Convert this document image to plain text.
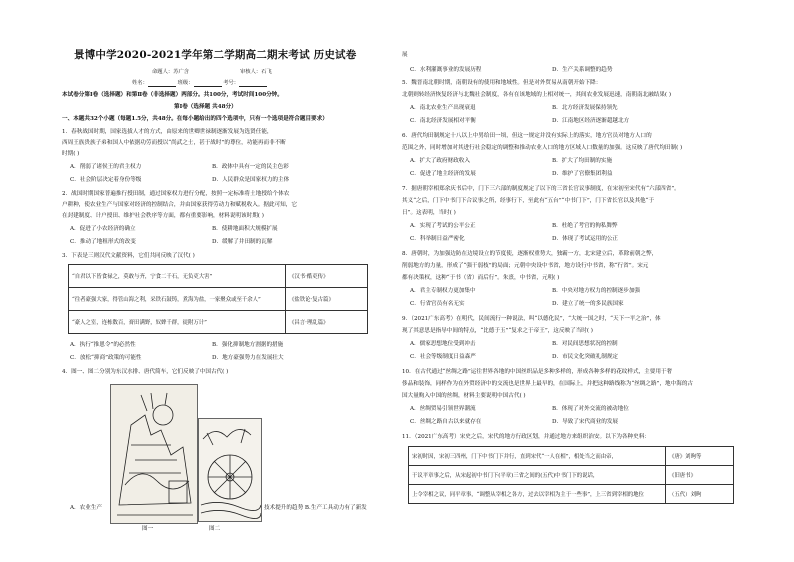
景博中学2020-2021学年第二学期高二期末考试 历史试卷
命题人：苏广含	审核人：石飞
姓名：	班级：	考号：
本试卷分第Ⅰ卷（选择题）和第Ⅱ卷（非选择题）两部分。共100分，考试时间100分钟。
第Ⅰ卷（选择题 共48分）
一、本题共32个小题（每题1.5分，共48分。在每小题给出的四个选项中，只有一个选项是符合题目要求）
1．春秋战国时期，国家选拔人才的方式，由原来的世卿世禄制逐渐发展为选贤任能，
西周王族贵族子弟和国人中依据功劳而授以“尚武之士，甚于战时”的尊位，功能再而非不断
时期( )
A．削弱了诸侯王的君主权力	B．政体中具有一定的民主色彩
C．社会阶层决定着身份等级	D．人民群众是国家权力的主体
2．战国时期国家普遍推行授田制，通过国家权力进行分配，按照一定标准将土地授给个体农
户耕种，使农业生产与国家对经济的控制结合，并由国家获得劳动力和赋税收入。据此可知，它
在封建制度、计户授田、维护社会秩序等方面，都有重要影响，材料说明该时期( )
A．促进了小农经济的确立	B．使耕地面积大规模扩展
C．推动了地租形式的改变	D．缓解了井田制的瓦解
3．下表是三则汉代文献资料，它们共同反映了汉代( )
“自君以下皆食禄之，莫敢与齐，宁食二千石，无负吏大害”	《汉书·酷吏传》
“往者豪强大家，得管山海之利，采铁石鼓铸，煮海为盐，一家聚众或至千余人”	《盐铁论·复古篇》
“豪人之室，连栋数百，膏田满野，奴婢千群，徒附万计”	《昌言·理乱篇》
A．执行“推恩令”的必然性	B．强化抑制地方割据的措施
C．放松“抑商”政策的可能性	D．地方豪强势力在发展壮大
4．图一、图二分别为东汉水排、唐代简车，它们反映了中国古代( )
A．农业生产	技术提升的趋势 B.生产工具动力有了新发
图一	图二
展
C．水利灌溉事业的发展历程	D．生产关系调整的趋势
5．魏晋南北朝时期，南朝设有的使用和地域性。但是对外贸易从南朝开始下降：
北朝则转经济恢复经济与北魏社会制度，各有在该地域的上相对统一，其间农业发展迅速，南朝南北融结果( )
A．南北农业生产出现衰退	B．北方经济发展保持领先
C．南北经济发展相对平衡	D．江南地区经济逐渐超越北方
6．唐代均田制规定十八以上中男给田一顷，但这一规定并没有实际上的落实，地方官员对地方人口的
范围之外，同时增加对其进行社会稳定的调整和推动农业人口的地方区域人口数量的加强。这反映了唐代均田制( )
A．扩大了政府财政收入	B．扩大了均田制的实施
C．促进了地主经济的发展	D．维护了官僚集团利益
7．据唐朝宰相郑余庆书后中，门下三六部的制度规定了以下的三省长官议事制度，在宋初至宋代有“六部四省”。
其义“之后，门下中书门下合议事之所，经事行下，至此有“五台”“中书门下”，门下省长官以及其他“于
日”。这表明，当时( )
A．实现了考试的公平公正	B．杜绝了考官的徇私舞弊
C．科举制日益严密化	D．体现了考试运用的公正
8．唐朝时，为加强边防在边境设立的节度使，逐渐权重势大，独霸一方，北宋建立后，革除前朝之弊，
削弱地方的力量，形成了“强干弱枝”的局面；元朝中央设中书省，地方设行中书省，称“行省”。宋元
都有决策权，这种“于书（省）而后行”。朱熹，中书省，元明( )
A．君主专制权力更加集中	B．中央对地方权力的控制逐步加强
C．行省官员有名无实	D．建立了统一的多民族国家
9．（2021广东高考）在明代，民间流行一种说法，叫“以德化民”，“大统一国之时，“天下一平之治”，体
现了其意思是指导中间的特点，“比德于玉”“复求之于帝王”，这反映了当时( )
A．儒家思想地位受到冲击	B．对民间思想状况的控制
C．社会等级制度日益森严	D．市民文化突破礼制规定
10．在古代通过“丝绸之路”运往世界各地的中国丝织品是多种多样的，形成各种多样的花纹样式，主要用于奢
侈品和装饰，同样作为在外贸经济中的交流也是世界上最早的，在国际上，并把这种路线称为“丝绸之路”，地中海的古
国大量购入中国的丝绸，材料主要说明中国古代( )
A．丝绸贸易引领世界潮流	B．体现了对外交流的被动地位
C．丝绸之路自古以来就存在	D．导致了宋代商业的发展
11．（2021广东高考）宋史之后，宋代的地方行政区划，并通过地方来组织治安。以下为各种史料：
宋初时因，宋初三四州，门下中书门下并行，直到宋代“一人在相”，相处当之而由帝，	《唐》刘昫等
干议平章事之后，从宋起初中书门下(平章)三省之间的(五代)中书门下的说话，	《旧唐书》
上令宰相之议，同平章事，“调整从宰相之各方，过去以宰相为主于一些事”，上三省到宰相的地位	（五代）刘昫
